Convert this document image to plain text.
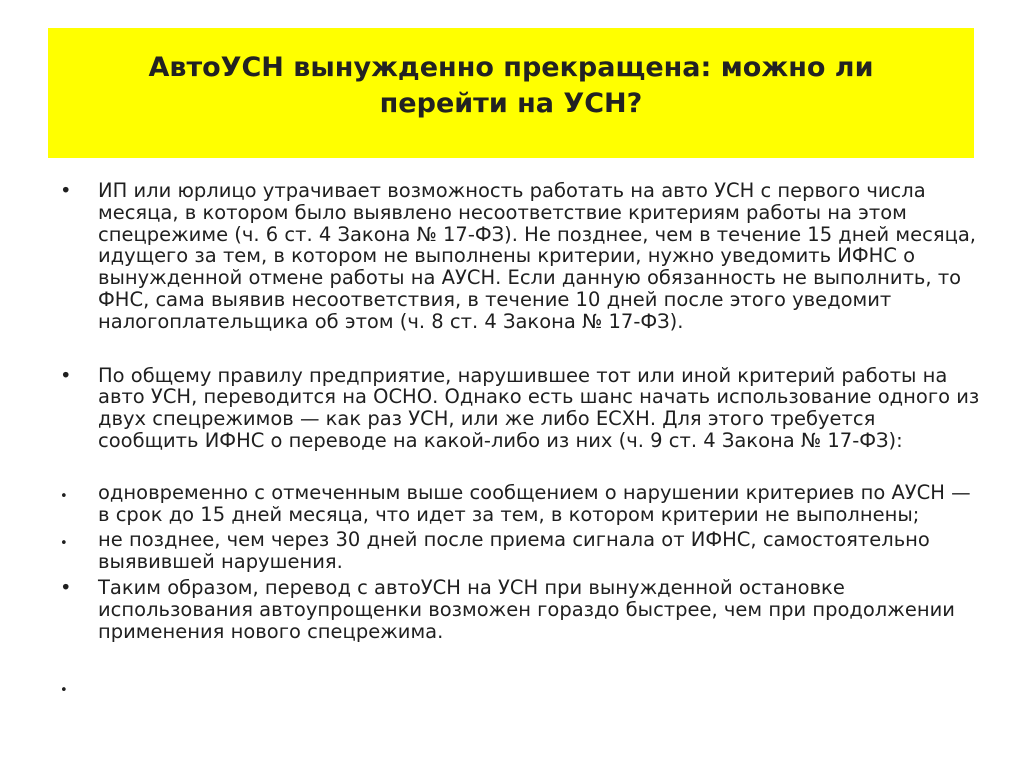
АвтоУСН вынужденно прекращена: можно ли
перейти на УСН?
•	ИП или юрлицо утрачивает возможность работать на авто УСН с первого числа месяца, в котором было выявлено несоответствие критериям работы на этом спецрежиме (ч. 6 ст. 4 Закона № 17-ФЗ). Не позднее, чем в течение 15 дней месяца, идущего за тем, в котором не выполнены критерии, нужно уведомить ИФНС о вынужденной отмене работы на АУСН. Если данную обязанность не выполнить, то ФНС, сама выявив несоответствия, в течение 10 дней после этого уведомит налогоплательщика об этом (ч. 8 ст. 4 Закона № 17-ФЗ).
•	По общему правилу предприятие, нарушившее тот или иной критерий работы на авто УСН, переводится на ОСНО. Однако есть шанс начать использование одного из двух спецрежимов — как раз УСН, или же либо ЕСХН. Для этого требуется сообщить ИФНС о переводе на какой-либо из них (ч. 9 ст. 4 Закона № 17-ФЗ):
•	одновременно с отмеченным выше сообщением о нарушении критериев по АУСН — в срок до 15 дней месяца, что идет за тем, в котором критерии не выполнены;
•	не позднее, чем через 30 дней после приема сигнала от ИФНС, самостоятельно выявившей нарушения.
•	Таким образом, перевод с автоУСН на УСН при вынужденной остановке использования автоупрощенки возможен гораздо быстрее, чем при продолжении применения нового спецрежима.
•
